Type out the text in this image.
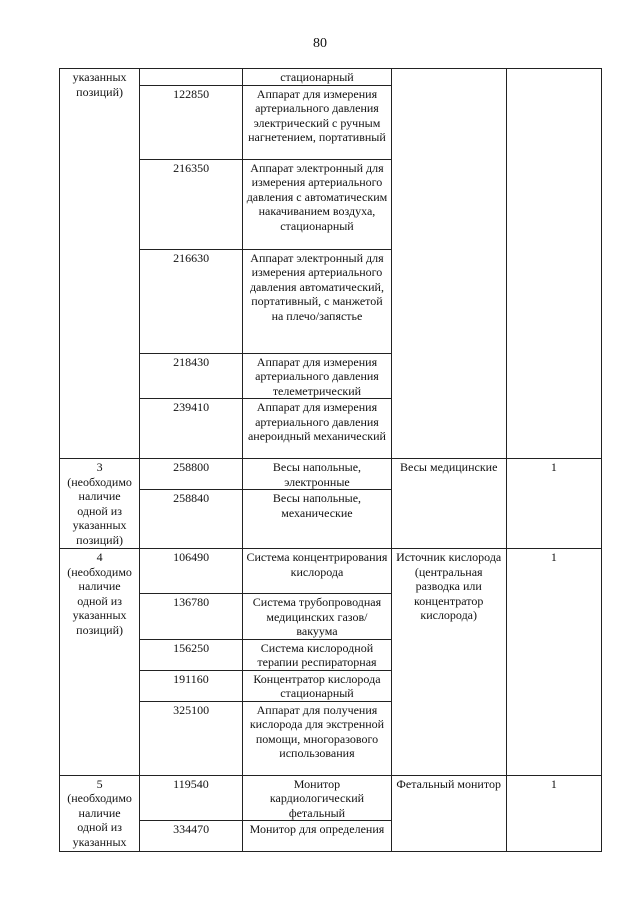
80
указанных позиций)		стационарный		
	122850	Аппарат для измерения артериального давления электрический с ручным нагнетением, портативный		
	216350	Аппарат электронный для измерения артериального давления с автоматическим накачиванием воздуха, стационарный		
	216630	Аппарат электронный для измерения артериального давления автоматический, портативный, с манжетой на плечо/запястье		
	218430	Аппарат для измерения артериального давления телеметрический		
	239410	Аппарат для измерения артериального давления анероидный механический		

3
(необходимо наличие одной из указанных позиций)	258800	Весы напольные, электронные	Весы медицинские	1
	258840	Весы напольные, механические		

4
(необходимо наличие одной из указанных позиций)	106490	Система концентрирования кислорода	Источник кислорода (центральная разводка или концентратор кислорода)	1
	136780	Система трубопроводная медицинских газов/вакуума		
	156250	Система кислородной терапии респираторная		
	191160	Концентратор кислорода стационарный		
	325100	Аппарат для получения кислорода для экстренной помощи, многоразового использования		

5
(необходимо наличие одной из указанных	119540	Монитор кардиологический фетальный	Фетальный монитор	1
	334470	Монитор для определения		
